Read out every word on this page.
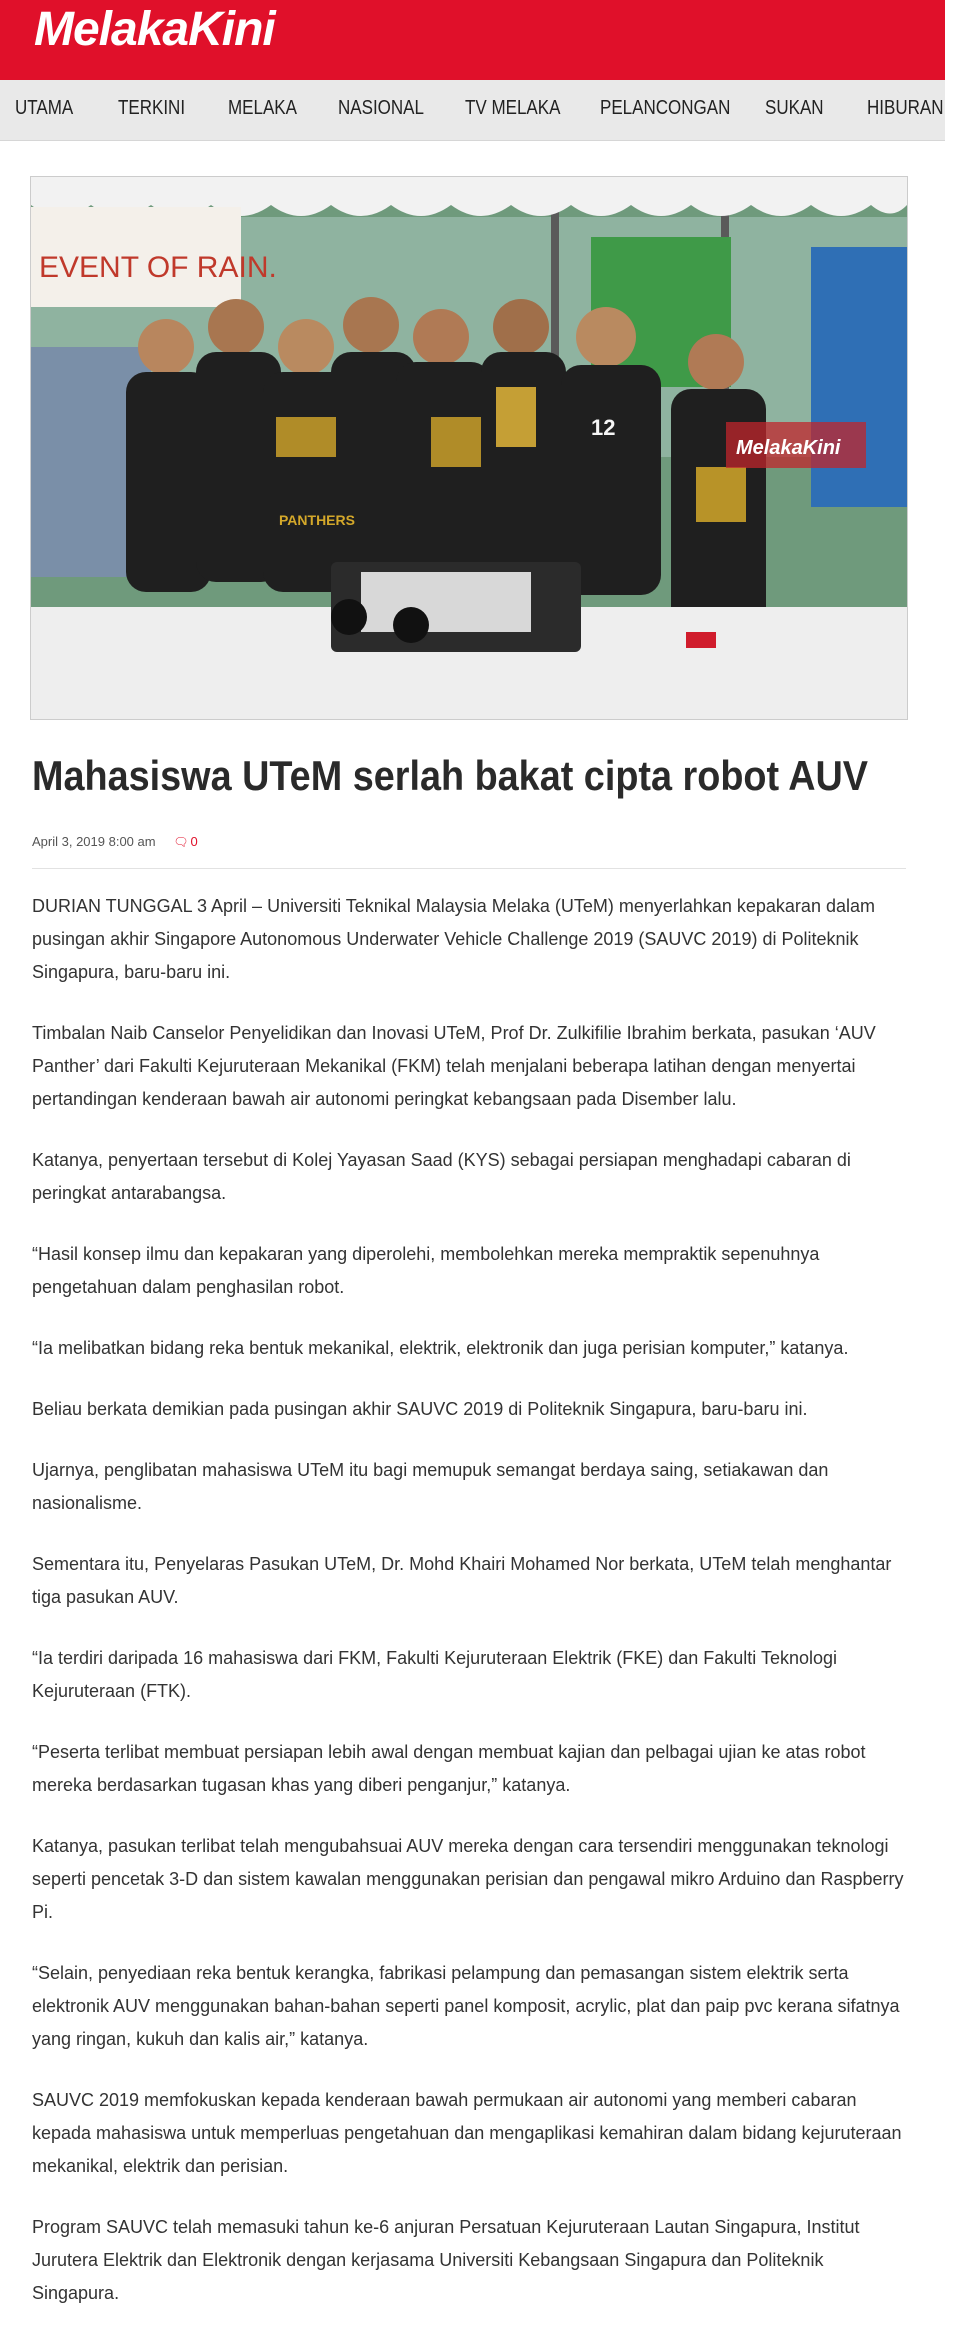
MelakaKini
UTAMA TERKINI MELAKA NASIONAL TV MELAKA PELANCONGAN SUKAN HIBURAN
EVENT OF RAIN.
12
PANTHERS
MelakaKini
Mahasiswa UTeM serlah bakat cipta robot AUV
April 3, 2019 8:00 am 🗨 0

DURIAN TUNGGAL 3 April – Universiti Teknikal Malaysia Melaka (UTeM) menyerlahkan kepakaran dalam pusingan akhir Singapore Autonomous Underwater Vehicle Challenge 2019 (SAUVC 2019) di Politeknik Singapura, baru-baru ini.

Timbalan Naib Canselor Penyelidikan dan Inovasi UTeM, Prof Dr. Zulkifilie Ibrahim berkata, pasukan ‘AUV Panther’ dari Fakulti Kejuruteraan Mekanikal (FKM) telah menjalani beberapa latihan dengan menyertai pertandingan kenderaan bawah air autonomi peringkat kebangsaan pada Disember lalu.

Katanya, penyertaan tersebut di Kolej Yayasan Saad (KYS) sebagai persiapan menghadapi cabaran di peringkat antarabangsa.

“Hasil konsep ilmu dan kepakaran yang diperolehi, membolehkan mereka mempraktik sepenuhnya pengetahuan dalam penghasilan robot.

“Ia melibatkan bidang reka bentuk mekanikal, elektrik, elektronik dan juga perisian komputer,” katanya.

Beliau berkata demikian pada pusingan akhir SAUVC 2019 di Politeknik Singapura, baru-baru ini.

Ujarnya, penglibatan mahasiswa UTeM itu bagi memupuk semangat berdaya saing, setiakawan dan nasionalisme.

Sementara itu, Penyelaras Pasukan UTeM, Dr. Mohd Khairi Mohamed Nor berkata, UTeM telah menghantar tiga pasukan AUV.

“Ia terdiri daripada 16 mahasiswa dari FKM, Fakulti Kejuruteraan Elektrik (FKE) dan Fakulti Teknologi Kejuruteraan (FTK).

“Peserta terlibat membuat persiapan lebih awal dengan membuat kajian dan pelbagai ujian ke atas robot mereka berdasarkan tugasan khas yang diberi penganjur,” katanya.

Katanya, pasukan terlibat telah mengubahsuai AUV mereka dengan cara tersendiri menggunakan teknologi seperti pencetak 3-D dan sistem kawalan menggunakan perisian dan pengawal mikro Arduino dan Raspberry Pi.

“Selain, penyediaan reka bentuk kerangka, fabrikasi pelampung dan pemasangan sistem elektrik serta elektronik AUV menggunakan bahan-bahan seperti panel komposit, acrylic, plat dan paip pvc kerana sifatnya yang ringan, kukuh dan kalis air,” katanya.

SAUVC 2019 memfokuskan kepada kenderaan bawah permukaan air autonomi yang memberi cabaran kepada mahasiswa untuk memperluas pengetahuan dan mengaplikasi kemahiran dalam bidang kejuruteraan mekanikal, elektrik dan perisian.

Program SAUVC telah memasuki tahun ke-6 anjuran Persatuan Kejuruteraan Lautan Singapura, Institut Jurutera Elektrik dan Elektronik dengan kerjasama Universiti Kebangsaan Singapura dan Politeknik Singapura.
